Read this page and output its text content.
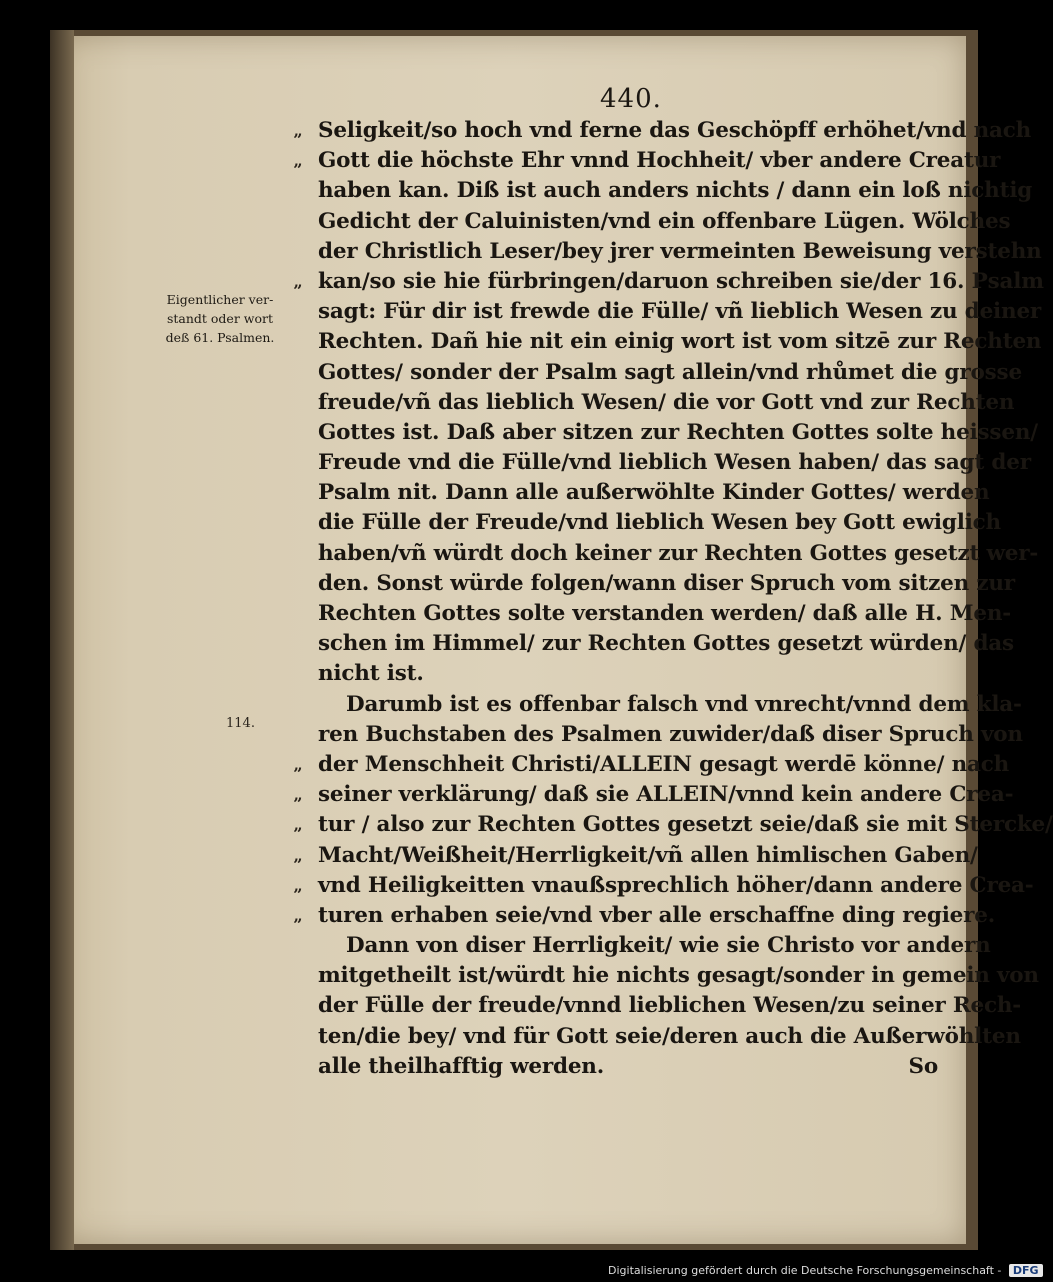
440.
Eigentlicher ver-
standt oder wort
deß 61. Psalmen.
114.
„ Seligkeit/so hoch vnd ferne das Geschöpff erhöhet/vnd nach
„ Gott die höchste Ehr vnnd Hochheit/ vber andere Creatur
haben kan. Diß ist auch anders nichts / dann ein loß nichtig
Gedicht der Caluinisten/vnd ein offenbare Lügen. Wölches
der Christlich Leser/bey jrer vermeinten Beweisung verstehn
„ kan/so sie hie fürbringen/daruon schreiben sie/der 16. Psalm
sagt: Für dir ist frewde die Fülle/ vñ lieblich Wesen zu deiner
Rechten. Dañ hie nit ein einig wort ist vom sitzē zur Rechten
Gottes/ sonder der Psalm sagt allein/vnd rhůmet die grosse
freude/vñ das lieblich Wesen/ die vor Gott vnd zur Rechten
Gottes ist. Daß aber sitzen zur Rechten Gottes solte heissen/
Freude vnd die Fülle/vnd lieblich Wesen haben/ das sagt der
Psalm nit. Dann alle außerwöhlte Kinder Gottes/ werden
die Fülle der Freude/vnd lieblich Wesen bey Gott ewiglich
haben/vñ würdt doch keiner zur Rechten Gottes gesetzt wer-
den. Sonst würde folgen/wann diser Spruch vom sitzen zur
Rechten Gottes solte verstanden werden/ daß alle H. Men-
schen im Himmel/ zur Rechten Gottes gesetzt würden/ das
nicht ist.
Darumb ist es offenbar falsch vnd vnrecht/vnnd dem kla-
ren Buchstaben des Psalmen zuwider/daß diser Spruch von
„ der Menschheit Christi/ALLEIN gesagt werdē könne/ nach
„ seiner verklärung/ daß sie ALLEIN/vnnd kein andere Crea-
„ tur / also zur Rechten Gottes gesetzt seie/daß sie mit Stercke/
„ Macht/Weißheit/Herrligkeit/vñ allen himlischen Gaben/
„ vnd Heiligkeitten vnaußsprechlich höher/dann andere Crea-
„ turen erhaben seie/vnd vber alle erschaffne ding regiere.
Dann von diser Herrligkeit/ wie sie Christo vor andern
mitgetheilt ist/würdt hie nichts gesagt/sonder in gemein von
der Fülle der freude/vnnd lieblichen Wesen/zu seiner Rech-
ten/die bey/ vnd für Gott seie/deren auch die Außerwöhlten
alle theilhafftig werden.	So
Digitalisierung gefördert durch die Deutsche Forschungsgemeinschaft - DFG
